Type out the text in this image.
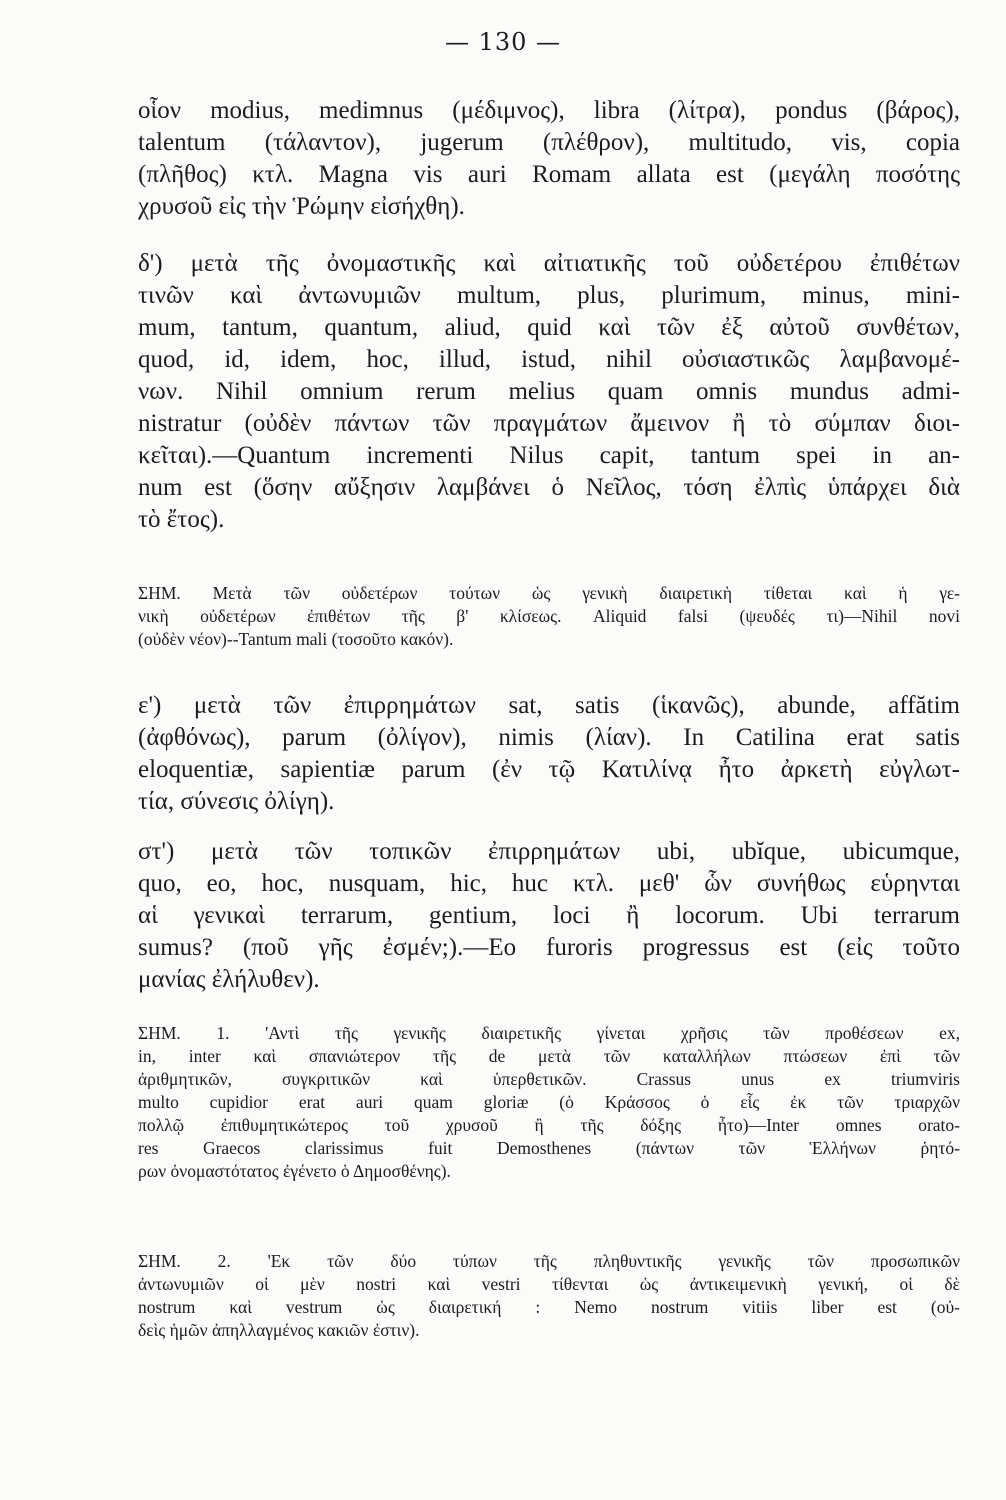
— 130 —
οἷον modius, medimnus (μέδιμνος), libra (λίτρα), pondus (βάρος),
talentum (τάλαντον), jugerum (πλέθρον), multitudo, vis, copia
(πλῆθος) κτλ. Magna vis auri Romam allata est (μεγάλη ποσότης
χρυσοῦ εἰς τὴν Ῥώμην εἰσήχθη).
δ') μετὰ τῆς ὀνομαστικῆς καὶ αἰτιατικῆς τοῦ οὐδετέρου ἐπιθέτων
τινῶν καὶ ἀντωνυμιῶν multum, plus, plurimum, minus, mini-
mum, tantum, quantum, aliud, quid καὶ τῶν ἐξ αὐτοῦ συνθέτων,
quod, id, idem, hoc, illud, istud, nihil οὐσιαστικῶς λαμβανομέ-
νων. Nihil omnium rerum melius quam omnis mundus admi-
nistratur (οὐδὲν πάντων τῶν πραγμάτων ἄμεινον ἢ τὸ σύμπαν διοι-
κεῖται).—Quantum incrementi Nilus capit, tantum spei in an-
num est (ὅσην αὔξησιν λαμβάνει ὁ Νεῖλος, τόση ἐλπὶς ὑπάρχει διὰ
τὸ ἔτος).
ΣΗΜ. Μετὰ τῶν οὐδετέρων τούτων ὡς γενικὴ διαιρετικὴ τίθεται καὶ ἡ γε-
νικὴ οὐδετέρων ἐπιθέτων τῆς β' κλίσεως. Aliquid falsi (ψευδές τι)—Nihil novi
(οὐδὲν νέον)--Tantum mali (τοσοῦτο κακόν).
ε') μετὰ τῶν ἐπιρρημάτων sat, satis (ἱκανῶς), abunde, affătim
(ἀφθόνως), parum (ὀλίγον), nimis (λίαν). In Catilina erat satis
eloquentiæ, sapientiæ parum (ἐν τῷ Κατιλίνᾳ ἦτο ἀρκετὴ εὐγλωτ-
τία, σύνεσις ὀλίγη).
στ') μετὰ τῶν τοπικῶν ἐπιρρημάτων ubi, ubĭque, ubicumque,
quo, eo, hoc, nusquam, hic, huc κτλ. μεθ' ὧν συνήθως εὑρηνται
αἱ γενικαὶ terrarum, gentium, loci ἢ locorum. Ubi terrarum
sumus? (ποῦ γῆς ἐσμέν;).—Eo furoris progressus est (εἰς τοῦτο
μανίας ἐλήλυθεν).
ΣΗΜ. 1. 'Αντὶ τῆς γενικῆς διαιρετικῆς γίνεται χρῆσις τῶν προθέσεων ex,
in, inter καὶ σπανιώτερον τῆς de μετὰ τῶν καταλλήλων πτώσεων ἐπὶ τῶν
ἀριθμητικῶν, συγκριτικῶν καὶ ὑπερθετικῶν. Crassus unus ex triumviris
multo cupidior erat auri quam gloriæ (ὁ Κράσσος ὁ εἷς ἐκ τῶν τριαρχῶν
πολλῷ ἐπιθυμητικώτερος τοῦ χρυσοῦ ἢ τῆς δόξης ἦτο)—Inter omnes orato-
res Graecos clarissimus fuit Demosthenes (πάντων τῶν Ἑλλήνων ῥητό-
ρων ὀνομαστότατος ἐγένετο ὁ Δημοσθένης).
ΣΗΜ. 2. 'Εκ τῶν δύο τύπων τῆς πληθυντικῆς γενικῆς τῶν προσωπικῶν
ἀντωνυμιῶν οἱ μὲν nostri καὶ vestri τίθενται ὡς ἀντικειμενικὴ γενική, οἱ δὲ
nostrum καὶ vestrum ὡς διαιρετική : Nemo nostrum vitiis liber est (οὐ-
δεὶς ἡμῶν ἀπηλλαγμένος κακιῶν ἐστιν).
